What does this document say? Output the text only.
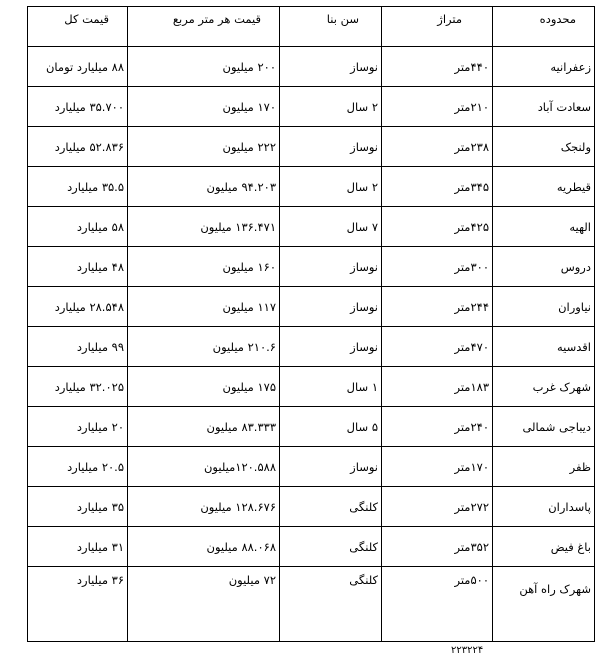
محدوده	متراژ	سن بنا	قیمت هر متر مربع	قیمت کل
زعفرانیه	۴۴۰متر	نوساز	۲۰۰ میلیون	۸۸ میلیارد تومان
سعادت آباد	۲۱۰متر	۲ سال	۱۷۰ میلیون	۳۵.۷۰۰ میلیارد
ولنجک	۲۳۸متر	نوساز	۲۲۲ میلیون	۵۲.۸۳۶ میلیارد
قیطریه	۳۴۵متر	۲ سال	۹۴.۲۰۳ میلیون	۳۵.۵ میلیارد
الهیه	۴۲۵متر	۷ سال	۱۳۶.۴۷۱ میلیون	۵۸ میلیارد
دروس	۳۰۰متر	نوساز	۱۶۰ میلیون	۴۸ میلیارد
نیاوران	۲۴۴متر	نوساز	۱۱۷ میلیون	۲۸.۵۴۸ میلیارد
اقدسیه	۴۷۰متر	نوساز	۲۱۰.۶ میلیون	۹۹ میلیارد
شهرک غرب	۱۸۳متر	۱ سال	۱۷۵ میلیون	۳۲.۰۲۵ میلیارد
دیباجی شمالی	۲۴۰متر	۵ سال	۸۳.۳۳۳ میلیون	۲۰ میلیارد
ظفر	۱۷۰متر	نوساز	۱۲۰.۵۸۸میلیون	۲۰.۵ میلیارد
پاسداران	۲۷۲متر	کلنگی	۱۲۸.۶۷۶ میلیون	۳۵ میلیارد
باغ فیض	۳۵۲متر	کلنگی	۸۸.۰۶۸ میلیون	۳۱ میلیارد
شهرک راه آهن	۵۰۰متر	کلنگی	۷۲ میلیون	۳۶ میلیارد
۲۲۳۲۲۴
